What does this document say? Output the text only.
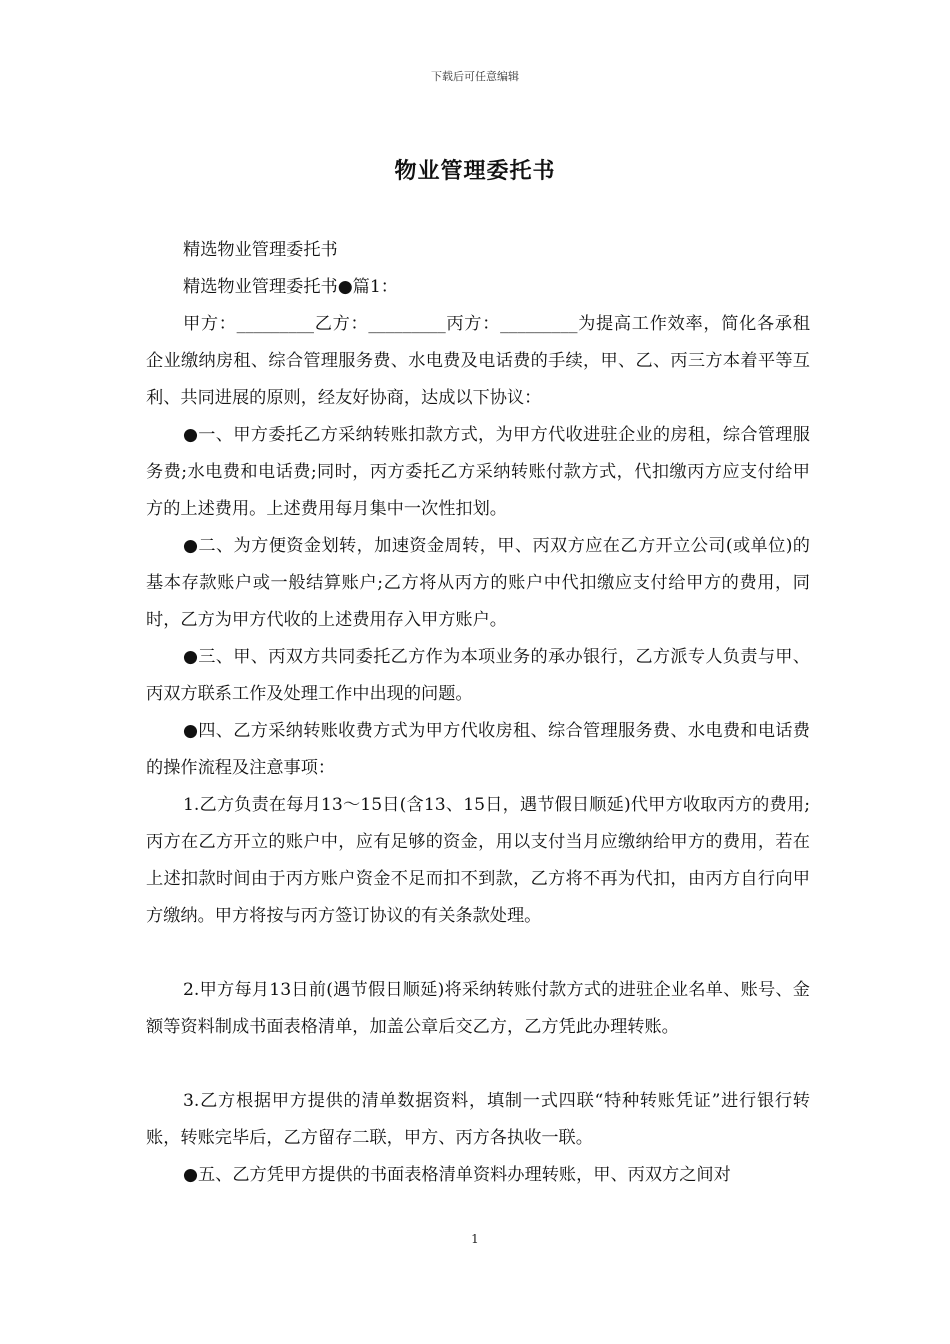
下载后可任意编辑
物业管理委托书

精选物业管理委托书

精选物业管理委托书●篇1：

甲方：_________乙方：_________丙方：_________为提高工作效率，简化各承租企业缴纳房租、综合管理服务费、水电费及电话费的手续，甲、乙、丙三方本着平等互利、共同进展的原则，经友好协商，达成以下协议：

●一、甲方委托乙方采纳转账扣款方式，为甲方代收进驻企业的房租，综合管理服务费;水电费和电话费;同时，丙方委托乙方采纳转账付款方式，代扣缴丙方应支付给甲方的上述费用。上述费用每月集中一次性扣划。

●二、为方便资金划转，加速资金周转，甲、丙双方应在乙方开立公司(或单位)的基本存款账户或一般结算账户;乙方将从丙方的账户中代扣缴应支付给甲方的费用，同时，乙方为甲方代收的上述费用存入甲方账户。

●三、甲、丙双方共同委托乙方作为本项业务的承办银行，乙方派专人负责与甲、丙双方联系工作及处理工作中出现的问题。

●四、乙方采纳转账收费方式为甲方代收房租、综合管理服务费、水电费和电话费的操作流程及注意事项：

1.乙方负责在每月13～15日(含13、15日，遇节假日顺延)代甲方收取丙方的费用;丙方在乙方开立的账户中，应有足够的资金，用以支付当月应缴纳给甲方的费用，若在上述扣款时间由于丙方账户资金不足而扣不到款，乙方将不再为代扣，由丙方自行向甲方缴纳。甲方将按与丙方签订协议的有关条款处理。

2.甲方每月13日前(遇节假日顺延)将采纳转账付款方式的进驻企业名单、账号、金额等资料制成书面表格清单，加盖公章后交乙方，乙方凭此办理转账。

3.乙方根据甲方提供的清单数据资料，填制一式四联“特种转账凭证”进行银行转账，转账完毕后，乙方留存二联，甲方、丙方各执收一联。

●五、乙方凭甲方提供的书面表格清单资料办理转账，甲、丙双方之间对

1
